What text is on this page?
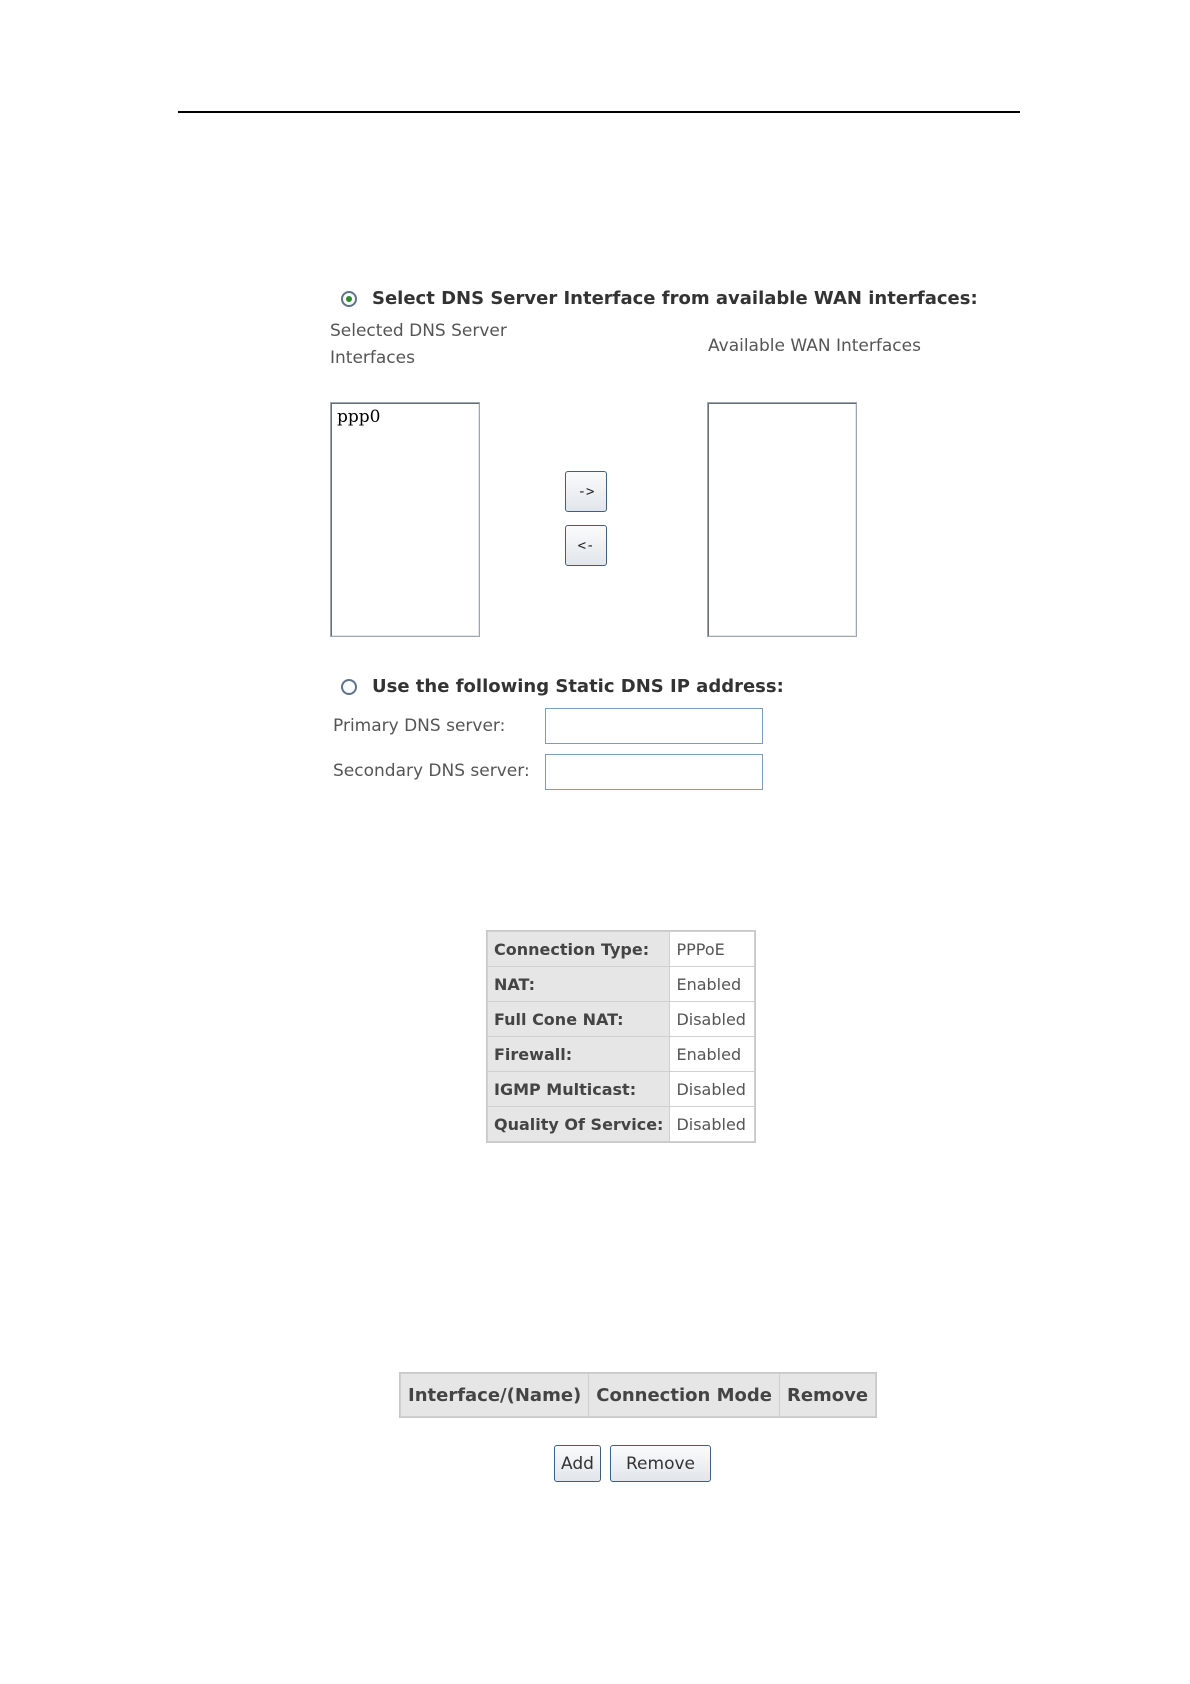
Select DNS Server Interface from available WAN interfaces:
Selected DNS Server Interfaces
Available WAN Interfaces
ppp0
->
<-
Use the following Static DNS IP address:
Primary DNS server:
Secondary DNS server:
Connection Type:	PPPoE
NAT:	Enabled
Full Cone NAT:	Disabled
Firewall:	Enabled
IGMP Multicast:	Disabled
Quality Of Service:	Disabled
Interface/(Name)	Connection Mode	Remove
Add	Remove
